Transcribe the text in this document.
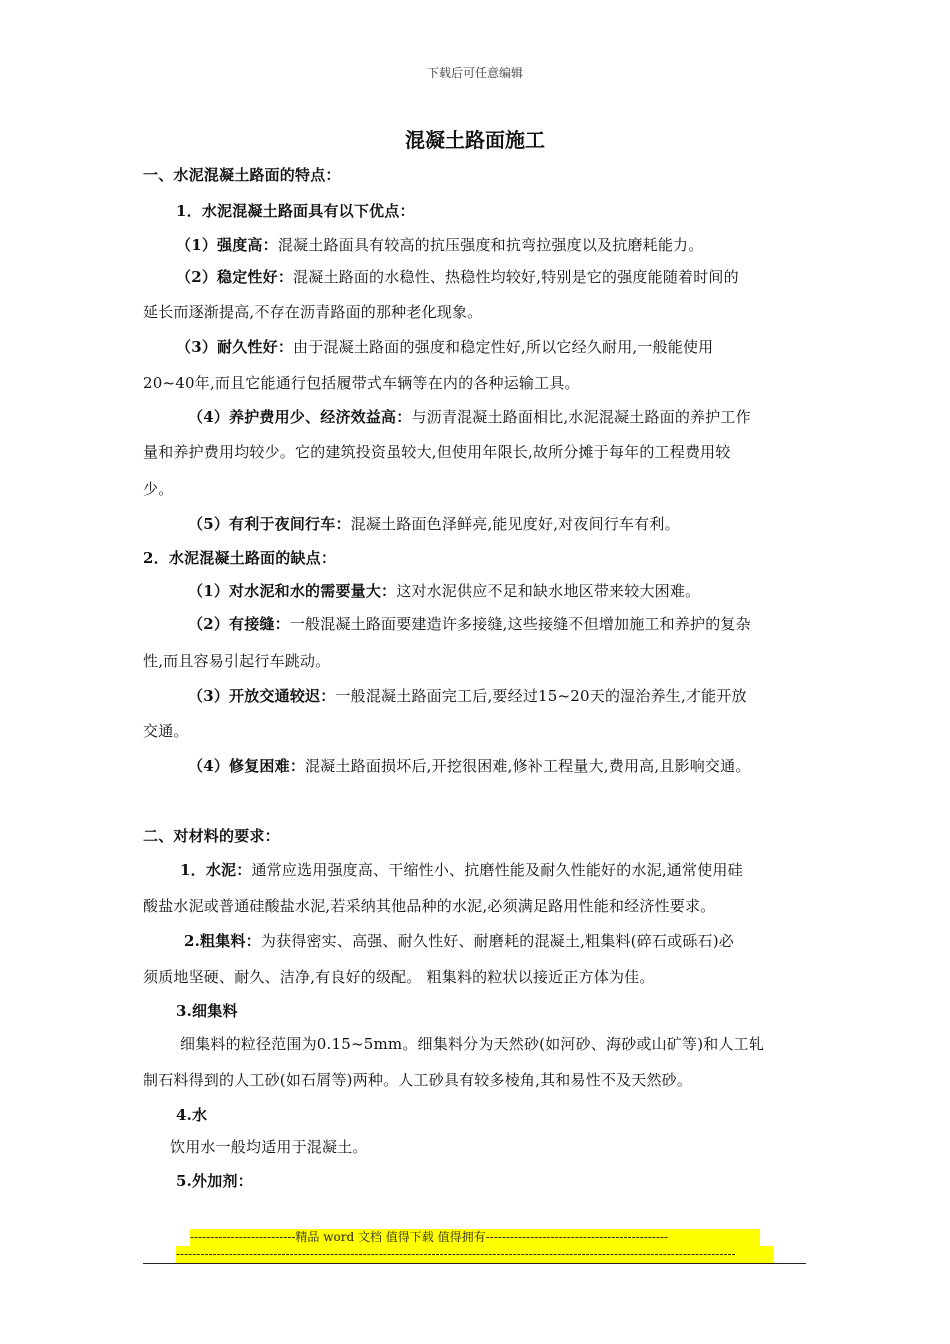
下载后可任意编辑
混凝土路面施工
一、水泥混凝土路面的特点：
1．水泥混凝土路面具有以下优点：
（1）强度高：混凝土路面具有较高的抗压强度和抗弯拉强度以及抗磨耗能力。
（2）稳定性好：混凝土路面的水稳性、热稳性均较好,特别是它的强度能随着时间的
延长而逐渐提高,不存在沥青路面的那种老化现象。
（3）耐久性好：由于混凝土路面的强度和稳定性好,所以它经久耐用,一般能使用
20~40年,而且它能通行包括履带式车辆等在内的各种运输工具。
（4）养护费用少、经济效益高：与沥青混凝土路面相比,水泥混凝土路面的养护工作
量和养护费用均较少。它的建筑投资虽较大,但使用年限长,故所分摊于每年的工程费用较
少。
（5）有利于夜间行车：混凝土路面色泽鲜亮,能见度好,对夜间行车有利。
2．水泥混凝土路面的缺点：
（1）对水泥和水的需要量大：这对水泥供应不足和缺水地区带来较大困难。
（2）有接缝：一般混凝土路面要建造许多接缝,这些接缝不但增加施工和养护的复杂
性,而且容易引起行车跳动。
（3）开放交通较迟：一般混凝土路面完工后,要经过15~20天的湿治养生,才能开放
交通。
（4）修复困难：混凝土路面损坏后,开挖很困难,修补工程量大,费用高,且影响交通。
二、对材料的要求：
1．水泥：通常应选用强度高、干缩性小、抗磨性能及耐久性能好的水泥,通常使用硅
酸盐水泥或普通硅酸盐水泥,若采纳其他品种的水泥,必须满足路用性能和经济性要求。
2.粗集料：为获得密实、高强、耐久性好、耐磨耗的混凝土,粗集料(碎石或砾石)必
须质地坚硬、耐久、洁净,有良好的级配。 粗集料的粒状以接近正方体为佳。
3.细集料
细集料的粒径范围为0.15~5mm。细集料分为天然砂(如河砂、海砂或山矿等)和人工轧
制石料得到的人工砂(如石屑等)两种。人工砂具有较多棱角,其和易性不及天然砂。
4.水
饮用水一般均适用于混凝土。
5.外加剂：
--------------------------精品 word 文档 值得下载 值得拥有---------------------------------------------
------------------------------------------------------------------------------------------------------------------------------------------
